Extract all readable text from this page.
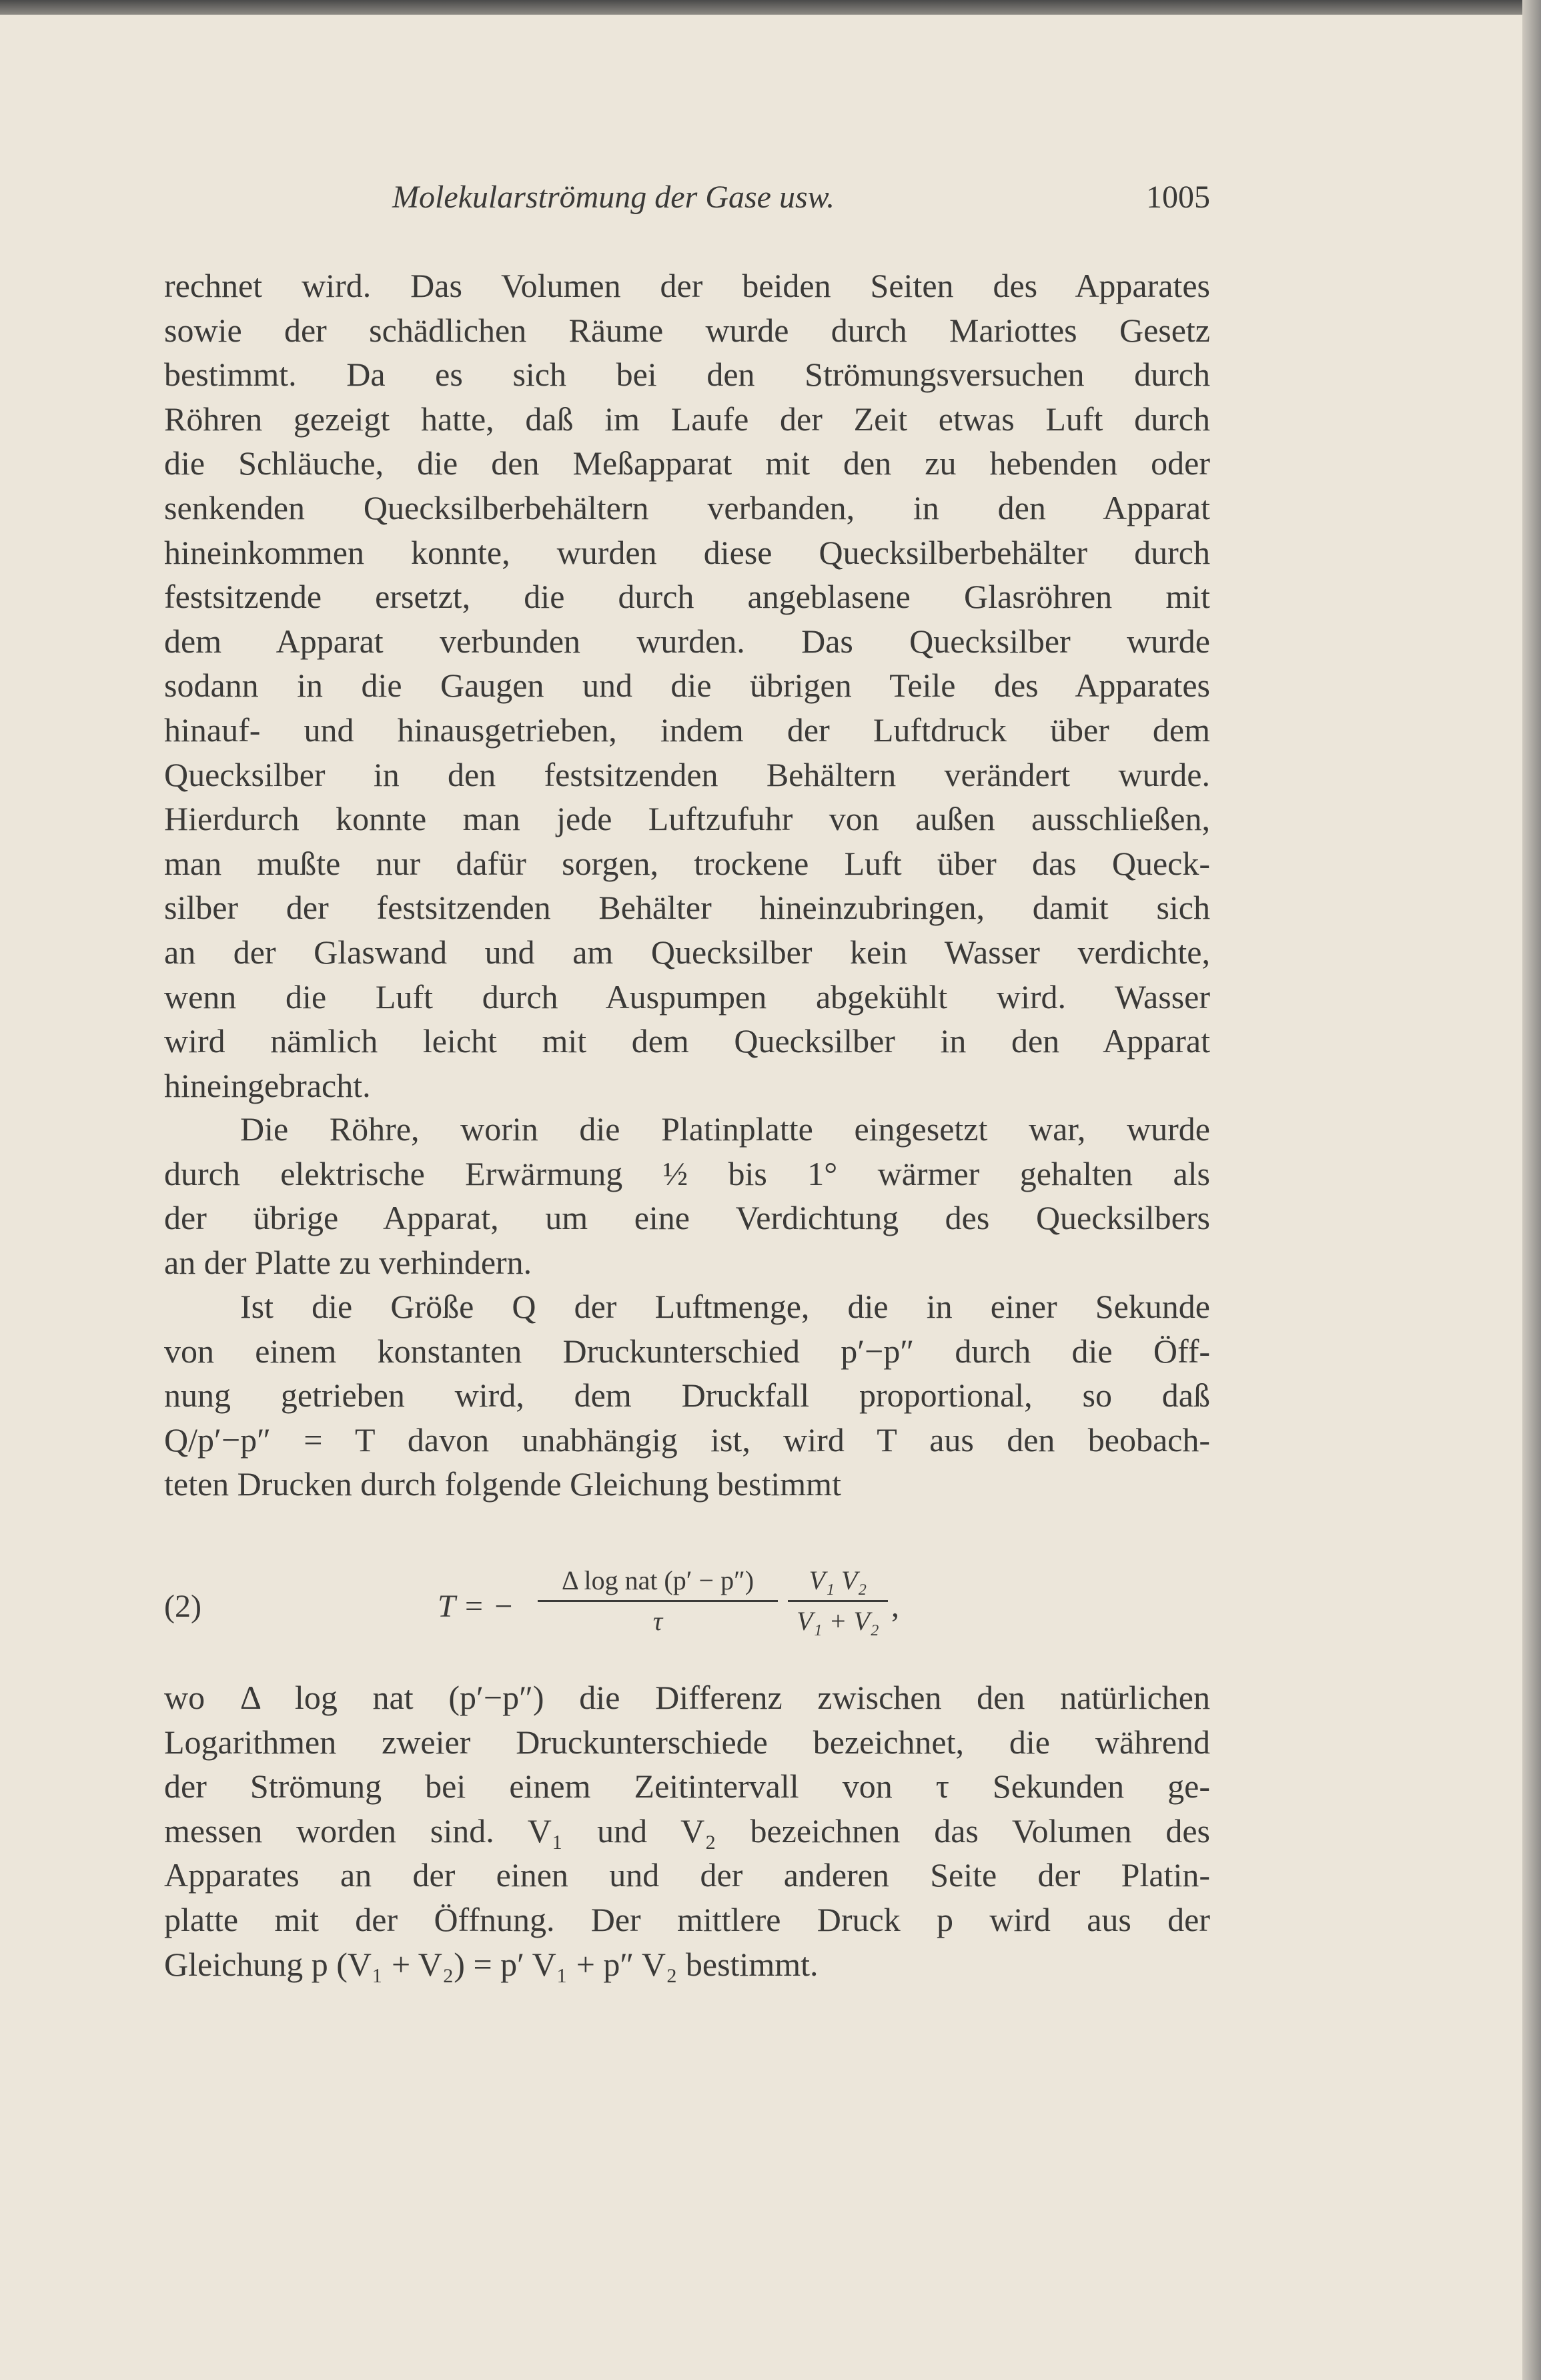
Molekularströmung der Gase usw.	1005
rechnet wird. Das Volumen der beiden Seiten des Apparates
sowie der schädlichen Räume wurde durch Mariottes Gesetz
bestimmt. Da es sich bei den Strömungsversuchen durch
Röhren gezeigt hatte, daß im Laufe der Zeit etwas Luft durch
die Schläuche, die den Meßapparat mit den zu hebenden oder
senkenden Quecksilberbehältern verbanden, in den Apparat
hineinkommen konnte, wurden diese Quecksilberbehälter durch
festsitzende ersetzt, die durch angeblasene Glasröhren mit
dem Apparat verbunden wurden. Das Quecksilber wurde
sodann in die Gaugen und die übrigen Teile des Apparates
hinauf- und hinausgetrieben, indem der Luftdruck über dem
Quecksilber in den festsitzenden Behältern verändert wurde.
Hierdurch konnte man jede Luftzufuhr von außen ausschließen,
man mußte nur dafür sorgen, trockene Luft über das Queck-
silber der festsitzenden Behälter hineinzubringen, damit sich
an der Glaswand und am Quecksilber kein Wasser verdichte,
wenn die Luft durch Auspumpen abgekühlt wird. Wasser
wird nämlich leicht mit dem Quecksilber in den Apparat
hineingebracht.
Die Röhre, worin die Platinplatte eingesetzt war, wurde
durch elektrische Erwärmung ½ bis 1° wärmer gehalten als
der übrige Apparat, um eine Verdichtung des Quecksilbers
an der Platte zu verhindern.
Ist die Größe Q der Luftmenge, die in einer Sekunde
von einem konstanten Druckunterschied p′−p″ durch die Öff-
nung getrieben wird, dem Druckfall proportional, so daß
Q/p′−p″ = T davon unabhängig ist, wird T aus den beobach-
teten Drucken durch folgende Gleichung bestimmt
wo Δ log nat (p′−p″) die Differenz zwischen den natürlichen
Logarithmen zweier Druckunterschiede bezeichnet, die während
der Strömung bei einem Zeitintervall von τ Sekunden ge-
messen worden sind. V₁ und V₂ bezeichnen das Volumen des
Apparates an der einen und der anderen Seite der Platin-
platte mit der Öffnung. Der mittlere Druck p wird aus der
Gleichung p (V₁ + V₂) = p′ V₁ + p″ V₂ bestimmt.
(2)	T = −
Δ log nat (p′ − p″)
τ	$\frac{\text{V₁ V₂}}{\text{V₁ + V₂}}$ ,
